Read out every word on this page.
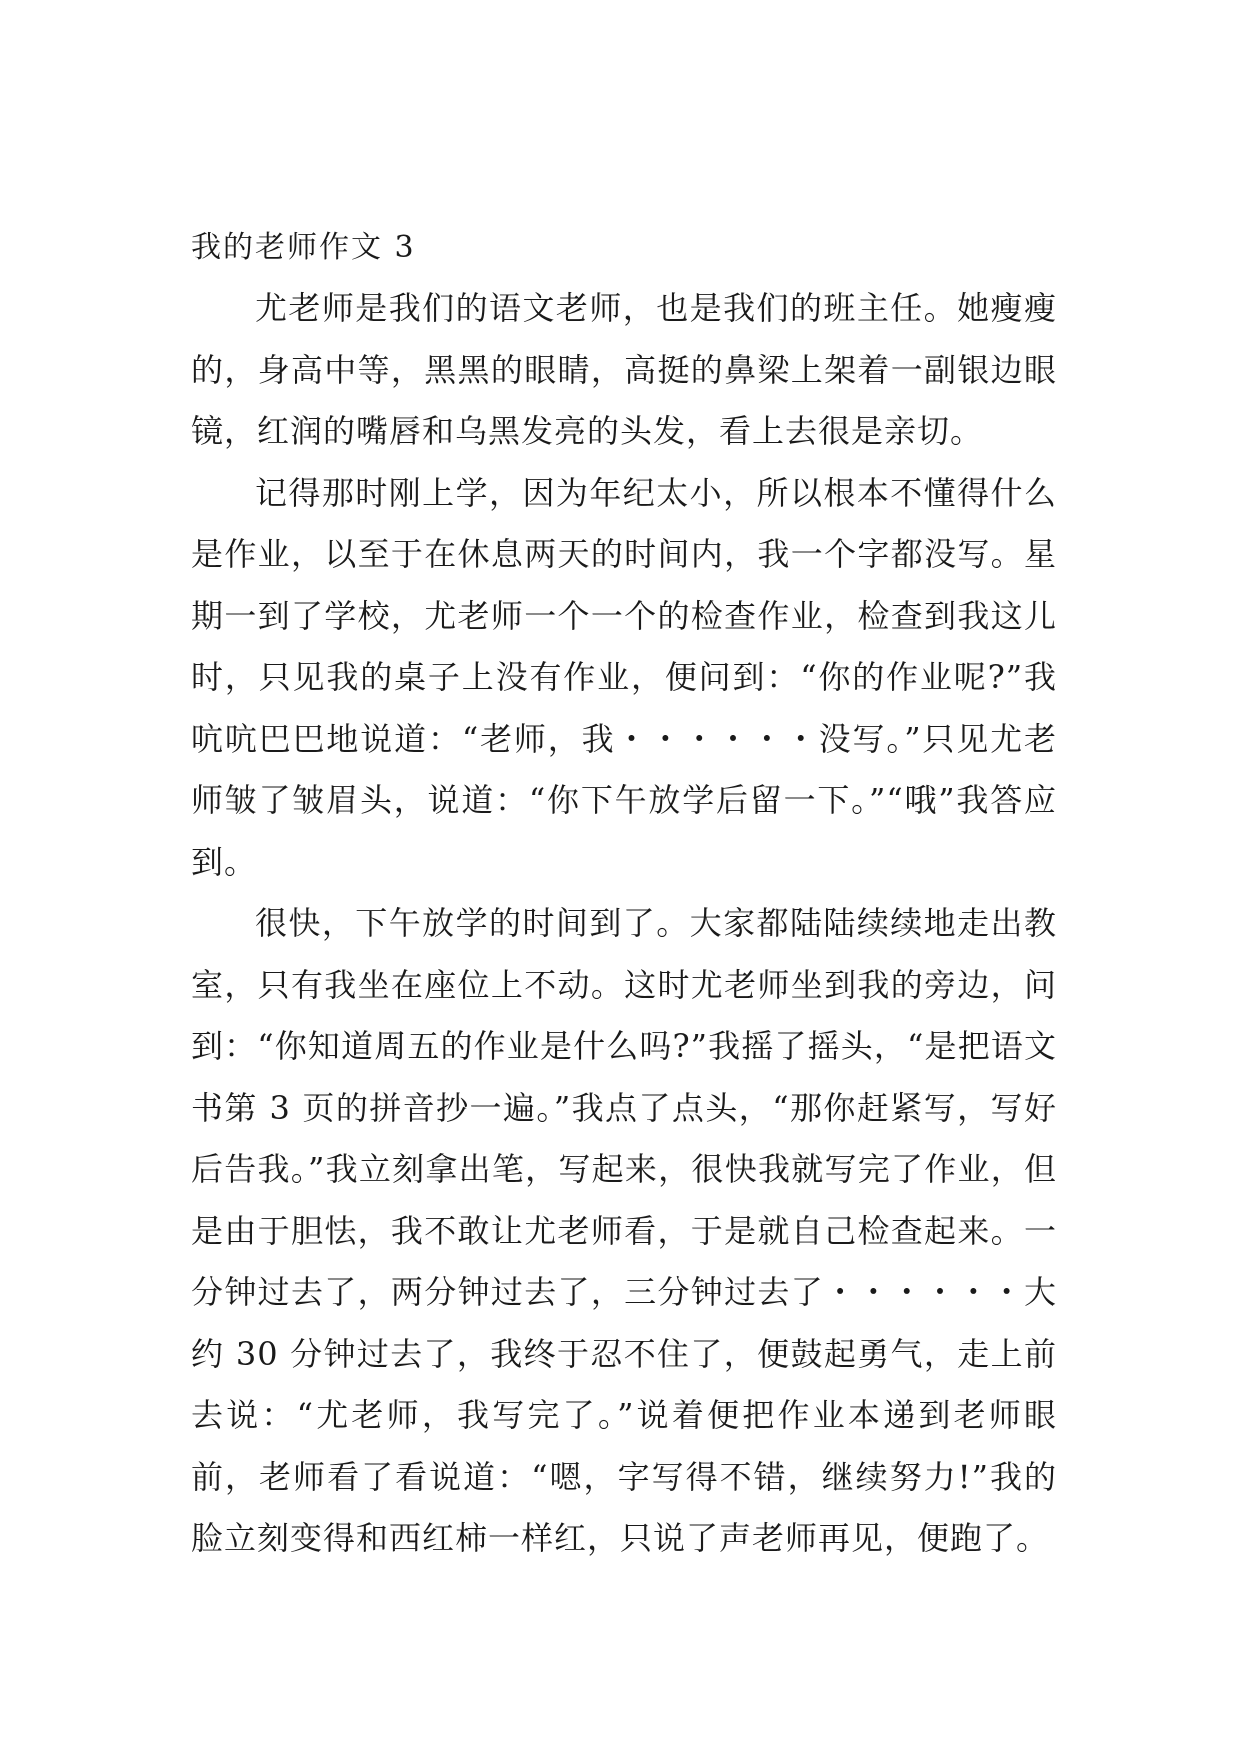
我的老师作文 3

尤老师是我们的语文老师，也是我们的班主任。她瘦瘦的，身高中等，黑黑的眼睛，高挺的鼻梁上架着一副银边眼镜，红润的嘴唇和乌黑发亮的头发，看上去很是亲切。

记得那时刚上学，因为年纪太小，所以根本不懂得什么是作业，以至于在休息两天的时间内，我一个字都没写。星期一到了学校，尤老师一个一个的检查作业，检查到我这儿时，只见我的桌子上没有作业，便问到：“你的作业呢?”我吭吭巴巴地说道：“老师，我・・・・・・没写。”只见尤老师皱了皱眉头，说道：“你下午放学后留一下。”“哦”我答应到。

很快，下午放学的时间到了。大家都陆陆续续地走出教室，只有我坐在座位上不动。这时尤老师坐到我的旁边，问到：“你知道周五的作业是什么吗?”我摇了摇头，“是把语文书第 3 页的拼音抄一遍。”我点了点头，“那你赶紧写，写好后告我。”我立刻拿出笔，写起来，很快我就写完了作业，但是由于胆怯，我不敢让尤老师看，于是就自己检查起来。一分钟过去了，两分钟过去了，三分钟过去了・・・・・・大约 30 分钟过去了，我终于忍不住了，便鼓起勇气，走上前去说：“尤老师，我写完了。”说着便把作业本递到老师眼前，老师看了看说道：“嗯，字写得不错，继续努力!”我的脸立刻变得和西红柿一样红，只说了声老师再见，便跑了。
